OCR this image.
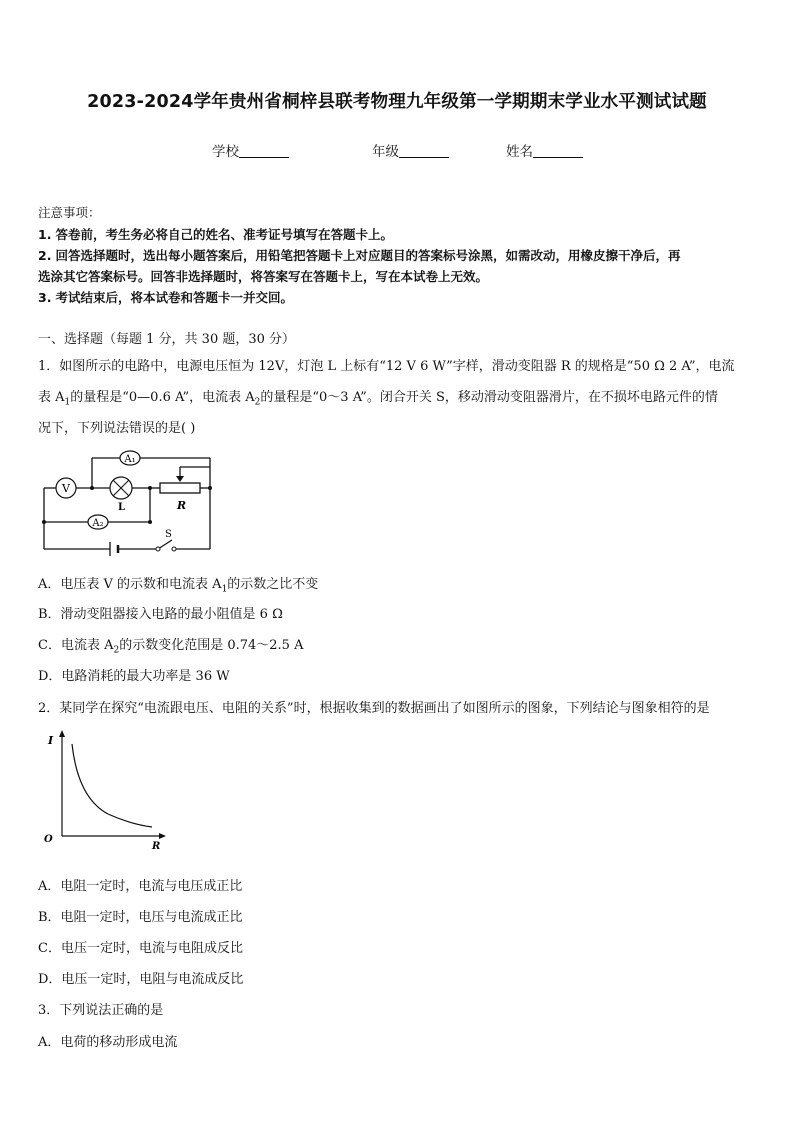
2023-2024学年贵州省桐梓县联考物理九年级第一学期期末学业水平测试试题
学校	年级	姓名
注意事项：
1. 答卷前，考生务必将自己的姓名、准考证号填写在答题卡上。
2. 回答选择题时，选出每小题答案后，用铅笔把答题卡上对应题目的答案标号涂黑，如需改动，用橡皮擦干净后，再
选涂其它答案标号。回答非选择题时，将答案写在答题卡上，写在本试卷上无效。
3. 考试结束后，将本试卷和答题卡一并交回。
一、选择题（每题 1 分，共 30 题，30 分）
1．如图所示的电路中，电源电压恒为 12V，灯泡 L 上标有“12 V 6 W”字样，滑动变阻器 R 的规格是“50 Ω 2 A”，电流
表 $A_1$的量程是“0—0.6 A”，电流表 $A_2$的量程是“0～3 A”。闭合开关 S，移动滑动变阻器滑片，在不损坏电路元件的情
况下，下列说法错误的是( )
A₁
V
L
A₂
R
S
A．电压表 V 的示数和电流表 $A_1$的示数之比不变
B．滑动变阻器接入电路的最小阻值是 6 Ω
C．电流表 $A_2$的示数变化范围是 0.74～2.5 A
D．电路消耗的最大功率是 36 W
2．某同学在探究“电流跟电压、电阻的关系”时，根据收集到的数据画出了如图所示的图象，下列结论与图象相符的是
I
O
R
A．电阻一定时，电流与电压成正比
B．电阻一定时，电压与电流成正比
C．电压一定时，电流与电阻成反比
D．电压一定时，电阻与电流成反比
3．下列说法正确的是
A．电荷的移动形成电流
